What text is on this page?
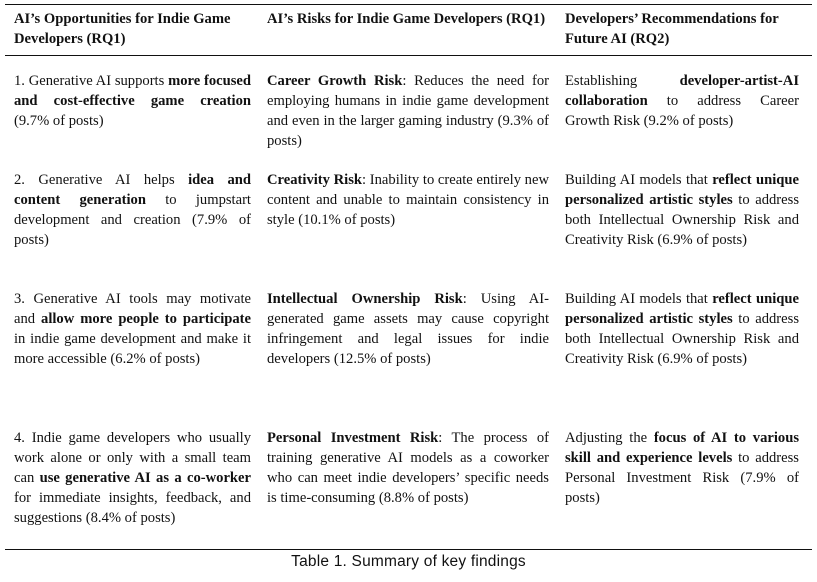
AI’s Opportunities for Indie Game Developers (RQ1)
AI’s Risks for Indie Game Developers (RQ1) Developers’ Recommendations for Future AI (RQ2)
1. Generative AI supports more focused and cost-effective game creation (9.7% of posts)
Career Growth Risk: Reduces the need for employing humans in indie game development and even in the larger gaming industry (9.3% of posts)
Establishing developer-artist-AI collaboration to address Career Growth Risk (9.2% of posts)
2. Generative AI helps idea and content generation to jumpstart development and creation (7.9% of posts)
Creativity Risk: Inability to create entirely new content and unable to maintain consistency in style (10.1% of posts)
Building AI models that reflect unique personalized artistic styles to address both Intellectual Ownership Risk and Creativity Risk (6.9% of posts)
3. Generative AI tools may motivate and allow more people to participate in indie game development and make it more accessible (6.2% of posts)
Intellectual Ownership Risk: Using AI-generated game assets may cause copyright infringement and legal issues for indie developers (12.5% of posts)
Building AI models that reflect unique personalized artistic styles to address both Intellectual Ownership Risk and Creativity Risk (6.9% of posts)
4. Indie game developers who usually work alone or only with a small team can use generative AI as a co-worker for immediate insights, feedback, and suggestions (8.4% of posts)
Personal Investment Risk: The process of training generative AI models as a coworker who can meet indie developers’ specific needs is time-consuming (8.8% of posts)
Adjusting the focus of AI to various skill and experience levels to address Personal Investment Risk (7.9% of posts)
Table 1. Summary of key findings
